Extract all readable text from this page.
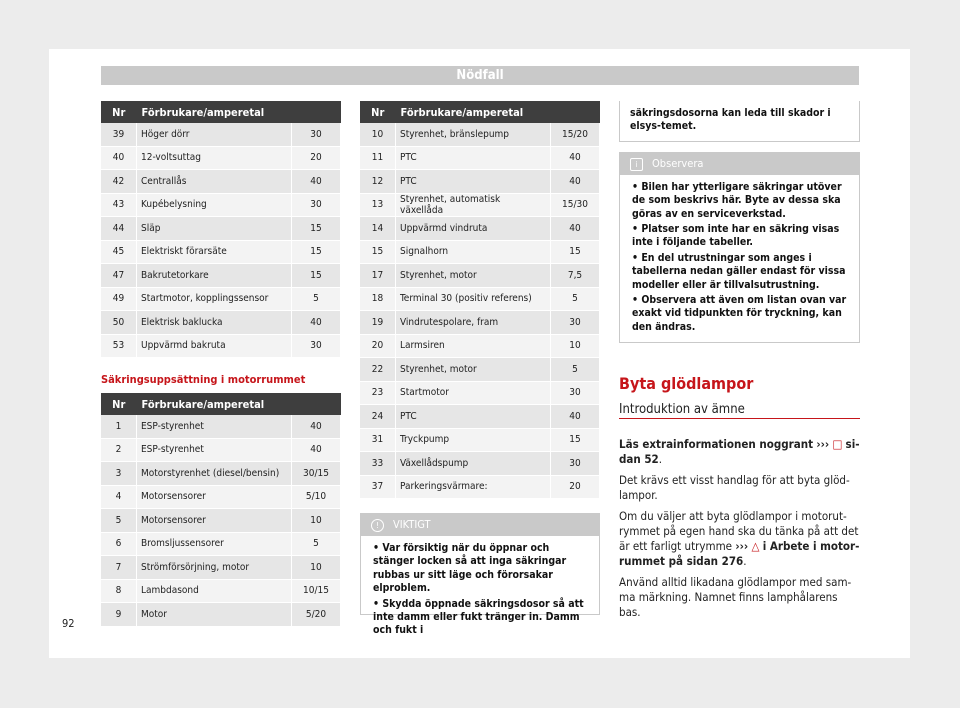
Nödfall
Nr	Förbrukare/amperetal	
39	Höger dörr	30
40	12-voltsuttag	20
42	Centrallås	40
43	Kupébelysning	30
44	Släp	15
45	Elektriskt förarsäte	15
47	Bakrutetorkare	15
49	Startmotor, kopplingssensor	5
50	Elektrisk baklucka	40
53	Uppvärmd bakruta	30
Säkringsuppsättning i motorrummet
Nr	Förbrukare/amperetal	
1	ESP-styrenhet	40
2	ESP-styrenhet	40
3	Motorstyrenhet (diesel/bensin)	30/15
4	Motorsensorer	5/10
5	Motorsensorer	10
6	Bromsljussensorer	5
7	Strömförsörjning, motor	10
8	Lambdasond	10/15
9	Motor	5/20
Nr	Förbrukare/amperetal	
10	Styrenhet, bränslepump	15/20
11	PTC	40
12	PTC	40
13	Styrenhet, automatisk växellåda	15/30
14	Uppvärmd vindruta	40
15	Signalhorn	15
17	Styrenhet, motor	7,5
18	Terminal 30 (positiv referens)	5
19	Vindrutespolare, fram	30
20	Larmsiren	10
22	Styrenhet, motor	5
23	Startmotor	30
24	PTC	40
31	Tryckpump	15
33	Växellådspump	30
37	Parkeringsvärmare:	20
! VIKTIGT
• Var försiktig när du öppnar och stänger locken så att inga säkringar rubbas ur sitt läge och förorsakar elproblem.
• Skydda öppnade säkringsdosor så att inte damm eller fukt tränger in. Damm och fukt i
säkringsdosorna kan leda till skador i elsys-temet.
i Observera
• Bilen har ytterligare säkringar utöver de som beskrivs här. Byte av dessa ska göras av en serviceverkstad.
• Platser som inte har en säkring visas inte i följande tabeller.
• En del utrustningar som anges i tabellerna nedan gäller endast för vissa modeller eller är tillvalsutrustning.
• Observera att även om listan ovan var exakt vid tidpunkten för tryckning, kan den ändras.
Byta glödlampor
Introduktion av ämne
Läs extrainformationen noggrant ››› □ si-dan 52.
Det krävs ett visst handlag för att byta glöd-lampor.
Om du väljer att byta glödlampor i motorut-rymmet på egen hand ska du tänka på att det är ett farligt utrymme ››› △ i Arbete i motor-rummet på sidan 276.
Använd alltid likadana glödlampor med sam-ma märkning. Namnet finns lamphålarens bas.
92
